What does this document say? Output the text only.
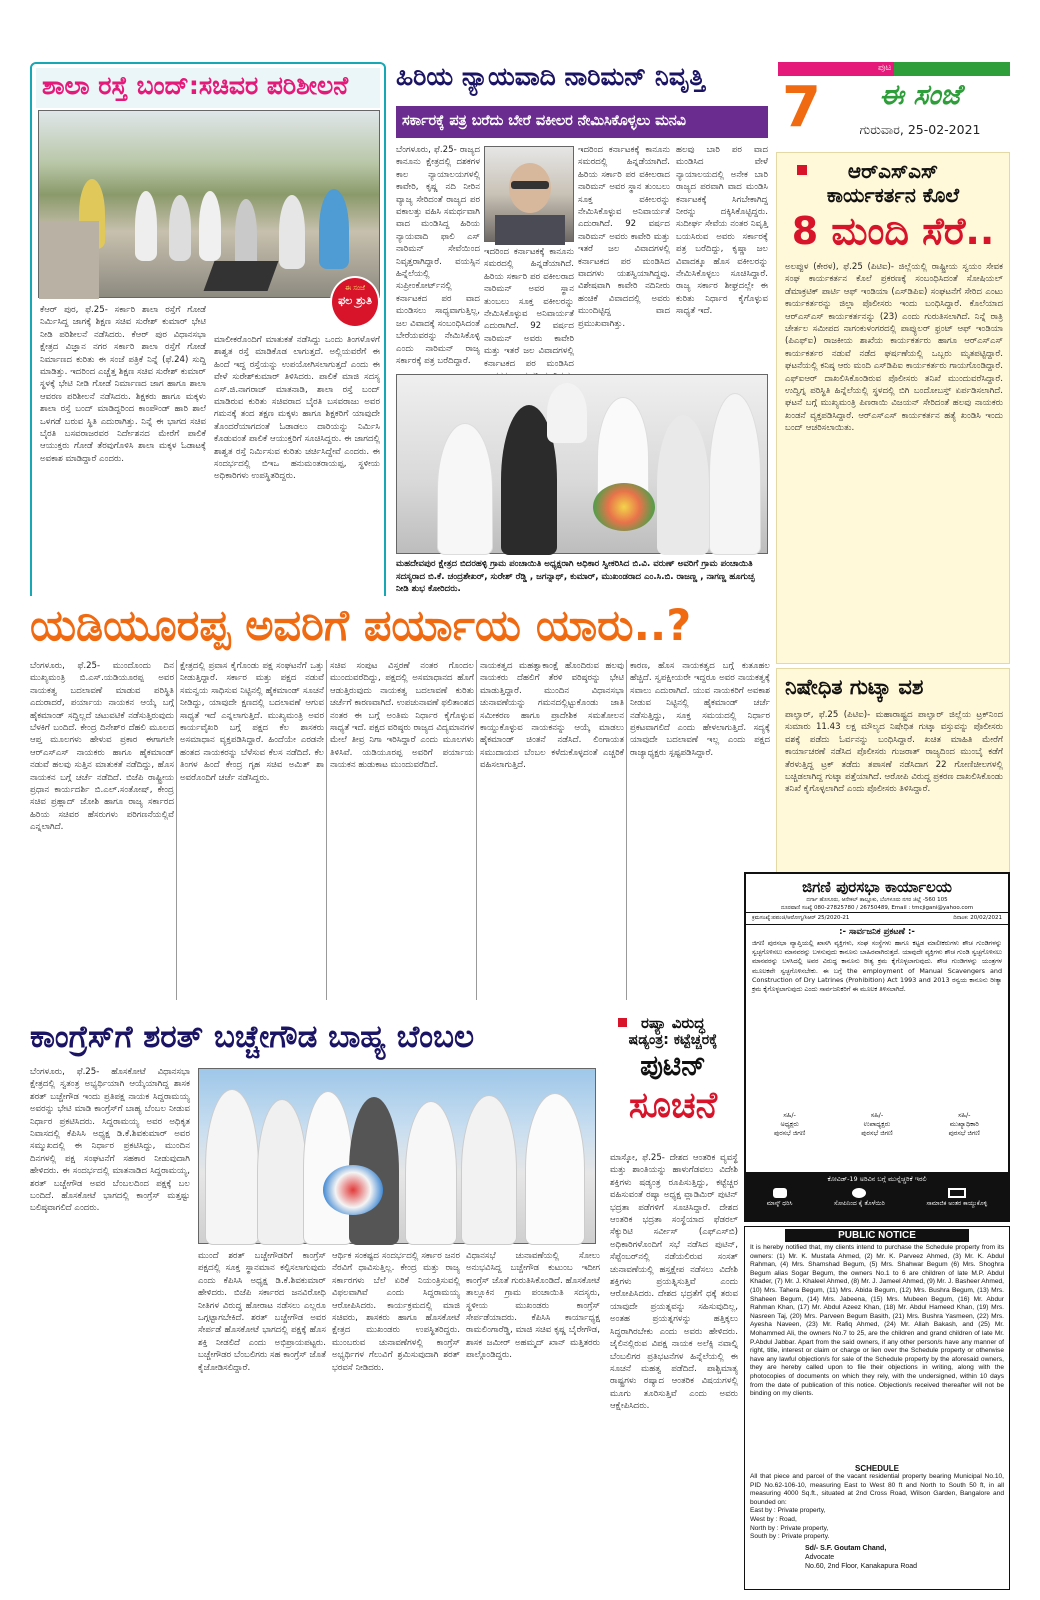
ಶಾಲಾ ರಸ್ತೆ ಬಂದ್:ಸಚಿವರ ಪರಿಶೀಲನೆ
ಈ ಸಂಜೆ
ಫಲ ಶ್ರುತಿ
ಕೆಆರ್ ಪುರ, ಫೆ.25- ಸರ್ಕಾರಿ ಶಾಲಾ ರಸ್ತೆಗೆ ಗೋಡೆ ನಿರ್ಮಿಸಿದ್ದ ಜಾಗಕ್ಕೆ ಶಿಕ್ಷಣ ಸಚಿವ ಸುರೇಶ್ ಕುಮಾರ್ ಭೇಟಿ ನೀಡಿ ಪರಿಶೀಲನೆ ನಡೆಸಿದರು. ಕೆಆರ್ ಪುರ ವಿಧಾನಸಭಾ ಕ್ಷೇತ್ರದ ವಿಜ್ಞಾನ ನಗರ ಸರ್ಕಾರಿ ಶಾಲಾ ರಸ್ತೆಗೆ ಗೋಡೆ ನಿರ್ಮಾಣದ ಕುರಿತು ಈ ಸಂಜೆ ಪತ್ರಿಕೆ ನಿನ್ನೆ (ಫೆ.24) ಸುದ್ದಿ ಮಾಡಿತ್ತು. ಇದರಿಂದ ಎಚ್ಚೆತ್ತ ಶಿಕ್ಷಣ ಸಚಿವ ಸುರೇಶ್ ಕುಮಾರ್ ಸ್ಥಳಕ್ಕೆ ಭೇಟಿ ನೀಡಿ ಗೋಡೆ ನಿರ್ಮಾಣದ ಜಾಗ ಹಾಗೂ ಶಾಲಾ ಆವರಣ ಪರಿಶೀಲನೆ ನಡೆಸಿದರು. ಶಿಕ್ಷಕರು ಹಾಗೂ ಮಕ್ಕಳು ಶಾಲಾ ರಸ್ತೆ ಬಂದ್ ಮಾಡಿದ್ದರಿಂದ ಕಾಂಪೌಂಡ್ ಹಾರಿ ಶಾಲೆ ಒಳಗಡೆ ಬರುವ ಸ್ಥಿತಿ ಎದುರಾಗಿತ್ತು. ನಿನ್ನೆ ಈ ಭಾಗದ ಸಚಿವ ಬೈರತಿ ಬಸವರಾಜರವರ ನಿರ್ದೇಶನದ ಮೇರೆಗೆ ಪಾಲಿಕೆ ಆಯುಕ್ತರು ಗೋಡೆ ತೆರವುಗೊಳಿಸಿ ಶಾಲಾ ಮಕ್ಕಳ ಓಡಾಟಕ್ಕೆ ಅವಕಾಶ ಮಾಡಿದ್ದಾರೆ ಎಂದರು.
ಮಾಲೀಕರೊಂದಿಗೆ ಮಾತುಕತೆ ನಡೆಸಿದ್ದು ಒಂದು ತಿಂಗಳೊಳಗೆ ಶಾಶ್ವತ ರಸ್ತೆ ಮಾಡಿಕೊಡ ಲಾಗುತ್ತದೆ. ಅಲ್ಲಿಯವರೆಗೆ ಈ ಹಿಂದೆ ಇದ್ದ ರಸ್ತೆಯನ್ನು ಉಪಯೋಗಿಸಲಾಗುತ್ತದೆ ಎಂದು ಈ ವೇಳೆ ಸುರೇಶ್‌ಕುಮಾರ್ ತಿಳಿಸಿದರು. ಪಾಲಿಕೆ ಮಾಜಿ ಸದಸ್ಯ ಎಸ್.ಜಿ.ನಾಗರಾಜ್ ಮಾತನಾಡಿ, ಶಾಲಾ ರಸ್ತೆ ಬಂದ್ ಮಾಡಿರುವ ಕುರಿತು ಸಚಿವರಾದ ಬೈರತಿ ಬಸವರಾಜು ಅವರ ಗಮನಕ್ಕೆ ತಂದ ತಕ್ಷಣ ಮಕ್ಕಳು ಹಾಗೂ ಶಿಕ್ಷಕರಿಗೆ ಯಾವುದೇ ತೊಂದರೆಯಾಗದಂತೆ ಓಡಾಡಲು ದಾರಿಯನ್ನು ನಿರ್ಮಿಸಿ ಕೊಡುವಂತೆ ಪಾಲಿಕೆ ಆಯುಕ್ತರಿಗೆ ಸೂಚಿಸಿದ್ದರು. ಈ ಜಾಗದಲ್ಲಿ ಶಾಶ್ವತ ರಸ್ತೆ ನಿರ್ಮಿಸುವ ಕುರಿತು ಚರ್ಚಿಸಿದ್ದೇವೆ ಎಂದರು. ಈ ಸಂದರ್ಭದಲ್ಲಿ ಬಿಇಒ ಹನುಮಂತರಾಯಪ್ಪ, ಸ್ಥಳೀಯ ಅಧಿಕಾರಿಗಳು ಉಪಸ್ಥಿತರಿದ್ದರು.
ಹಿರಿಯ ನ್ಯಾಯವಾದಿ ನಾರಿಮನ್ ನಿವೃತ್ತಿ
ಸರ್ಕಾರಕ್ಕೆ ಪತ್ರ ಬರೆದು ಬೇರೆ ವಕೀಲರ ನೇಮಿಸಿಕೊಳ್ಳಲು ಮನವಿ
ಬೆಂಗಳೂರು, ಫೆ.25- ರಾಜ್ಯದ ಕಾನೂನು ಕ್ಷೇತ್ರದಲ್ಲಿ ದಶಕಗಳ ಕಾಲ ನ್ಯಾಯಾಲಯಗಳಲ್ಲಿ ಕಾವೇರಿ, ಕೃಷ್ಣ ನದಿ ನೀರಿನ ವ್ಯಾಜ್ಯ ಸೇರಿದಂತೆ ರಾಜ್ಯದ ಪರ ವಕಾಲತ್ತು ವಹಿಸಿ ಸಮರ್ಥವಾಗಿ ವಾದ ಮಂಡಿಸಿದ್ದ ಹಿರಿಯ ನ್ಯಾಯವಾದಿ ಫಾಲಿ ಎಸ್ ನಾರಿಮನ್ ಸೇವೆಯಿಂದ ನಿವೃತ್ತರಾಗಿದ್ದಾರೆ. ವಯಸ್ಸಿನ ಹಿನ್ನೆಲೆಯಲ್ಲಿ ಸುಪ್ರೀಂಕೋರ್ಟ್‌ನಲ್ಲಿ ಕರ್ನಾಟಕದ ಪರ ವಾದ ಮಂಡಿಸಲು ಸಾಧ್ಯವಾಗುತ್ತಿಲ್ಲ, ಜಲ ವಿವಾದಕ್ಕೆ ಸಂಬಂಧಿಸಿದಂತೆ ಬೇರೆಯವರನ್ನು ನೇಮಿಸಿಕೊಳ್ಳಿ ಎಂದು ನಾರಿಮನ್ ರಾಜ್ಯ ಸರ್ಕಾರಕ್ಕೆ ಪತ್ರ ಬರೆದಿದ್ದಾರೆ.
ಇದರಿಂದ ಕರ್ನಾಟಕಕ್ಕೆ ಕಾನೂನು ಸಮರದಲ್ಲಿ ಹಿನ್ನಡೆಯಾಗಿದೆ. ಹಿರಿಯ ಸರ್ಕಾರಿ ಪರ ವಕೀಲರಾದ ನಾರಿಮನ್ ಅವರ ಸ್ಥಾನ ತುಂಬಲು ಸೂಕ್ತ ವಕೀಲರನ್ನು ನೇಮಿಸಿಕೊಳ್ಳುವ ಅನಿವಾರ್ಯತೆ ಎದುರಾಗಿದೆ. 92 ವರ್ಷದ ನಾರಿಮನ್ ಅವರು ಕಾವೇರಿ ಮತ್ತು ಇತರೆ ಜಲ ವಿವಾದಗಳಲ್ಲಿ ಕರ್ನಾಟಕದ ಪರ ಮಂಡಿಸಿದ
ಇದರಿಂದ ಕರ್ನಾಟಕಕ್ಕೆ ಕಾನೂನು ಸಮರದಲ್ಲಿ ಹಿನ್ನಡೆಯಾಗಿದೆ. ಹಿರಿಯ ಸರ್ಕಾರಿ ಪರ ವಕೀಲರಾದ ನಾರಿಮನ್ ಅವರ ಸ್ಥಾನ ತುಂಬಲು ಸೂಕ್ತ ವಕೀಲರನ್ನು ನೇಮಿಸಿಕೊಳ್ಳುವ ಅನಿವಾರ್ಯತೆ ಎದುರಾಗಿದೆ. 92 ವರ್ಷದ ನಾರಿಮನ್ ಅವರು ಕಾವೇರಿ ಮತ್ತು ಇತರೆ ಜಲ ವಿವಾದಗಳಲ್ಲಿ ಕರ್ನಾಟಕದ ಪರ ಮಂಡಿಸಿದ ವಾದಗಳು ಯಶಸ್ವಿಯಾಗಿದ್ದವು. ವಿಶೇಷವಾಗಿ ಕಾವೇರಿ ನದಿನೀರು ಹಂಚಿಕೆ ವಿವಾದದಲ್ಲಿ ಅವರು ಮುಂದಿಟ್ಟಿದ್ದ ವಾದ ಪ್ರಮುಖವಾಗಿತ್ತು.
ಹಲವು ಬಾರಿ ಪರ ವಾದ ಮಂಡಿಸಿದ ವೇಳೆ ನ್ಯಾಯಾಲಯದಲ್ಲಿ ಅನೇಕ ಬಾರಿ ರಾಜ್ಯದ ಪರವಾಗಿ ವಾದ ಮಂಡಿಸಿ ಕರ್ನಾಟಕಕ್ಕೆ ಸಿಗಬೇಕಾಗಿದ್ದ ನೀರನ್ನು ದಕ್ಕಿಸಿಕೊಟ್ಟಿದ್ದರು. ಸುದೀರ್ಘ ಸೇವೆಯ ನಂತರ ನಿವೃತ್ತಿ ಬಯಸಿರುವ ಅವರು ಸರ್ಕಾರಕ್ಕೆ ಪತ್ರ ಬರೆದಿದ್ದು, ಕೃಷ್ಣಾ ಜಲ ವಿವಾದಕ್ಕೂ ಹೊಸ ವಕೀಲರನ್ನು ನೇಮಿಸಿಕೊಳ್ಳಲು ಸೂಚಿಸಿದ್ದಾರೆ. ರಾಜ್ಯ ಸರ್ಕಾರ ಶೀಘ್ರದಲ್ಲೇ ಈ ಕುರಿತು ನಿರ್ಧಾರ ಕೈಗೊಳ್ಳುವ ಸಾಧ್ಯತೆ ಇದೆ.
ಮಹದೇವಪುರ ಕ್ಷೇತ್ರದ ಬಿದರಹಳ್ಳಿ ಗ್ರಾಮ ಪಂಚಾಯಿತಿ ಅಧ್ಯಕ್ಷರಾಗಿ ಅಧಿಕಾರ ಸ್ವೀಕರಿಸಿದ ಬಿ.ವಿ. ವರುಣ್ ಅವರಿಗೆ ಗ್ರಾಮ ಪಂಚಾಯಿತಿ ಸದಸ್ಯರಾದ ಬಿ.ಕೆ. ಚಂದ್ರಶೇಖರ್, ಸುರೇಶ್ ರೆಡ್ಡಿ , ಜಗನ್ನಾಥ್, ಕುಮಾರ್, ಮುಖಂಡರಾದ ಎಂ.ಸಿ.ಬಿ. ರಾಜಣ್ಣ , ನಾಗಣ್ಣ ಹೂಗುಚ್ಛ ನೀಡಿ ಶುಭ ಕೋರಿದರು.
ಪುಟ
7	ಈ ಸಂಜೆ
ಗುರುವಾರ, 25-02-2021
ಆರ್‌ಎಸ್‌ಎಸ್
ಕಾರ್ಯಕರ್ತನ ಕೊಲೆ
8 ಮಂದಿ ಸೆರೆ..
ಅಲಪ್ಪುಳ (ಕೇರಳ), ಫೆ.25 (ಪಿಟಿಐ)- ಜಿಲ್ಲೆಯಲ್ಲಿ ರಾಷ್ಟ್ರೀಯ ಸ್ವಯಂ ಸೇವಕ ಸಂಘ ಕಾರ್ಯಕರ್ತನ ಕೊಲೆ ಪ್ರಕರಣಕ್ಕೆ ಸಂಬಂಧಿಸಿದಂತೆ ಸೋಷಿಯಲ್ ಡೆಮಾಕ್ರಟಿಕ್ ಪಾರ್ಟಿ ಆಫ್ ಇಂಡಿಯಾ (ಎಸ್‌ಡಿಪಿಐ) ಸಂಘಟನೆಗೆ ಸೇರಿದ ಎಂಟು ಕಾರ್ಯಕರ್ತರನ್ನು ಜಿಲ್ಲಾ ಪೊಲೀಸರು ಇಂದು ಬಂಧಿಸಿದ್ದಾರೆ. ಕೊಲೆಯಾದ ಆರ್‌ಎಸ್‌ಎಸ್ ಕಾರ್ಯಕರ್ತನನ್ನು (23) ಎಂದು ಗುರುತಿಸಲಾಗಿದೆ. ನಿನ್ನೆ ರಾತ್ರಿ ಚೇರ್ತಲ ಸಮೀಪದ ನಾಗಂಕುಳಂಗರದಲ್ಲಿ ಪಾಪ್ಯುಲರ್ ಫ್ರಂಟ್ ಆಫ್ ಇಂಡಿಯಾ (ಪಿಎಫ್‌ಐ) ರಾಜಕೀಯ ಶಾಖೆಯ ಕಾರ್ಯಕರ್ತರು ಹಾಗೂ ಆರ್‌ಎಸ್‌ಎಸ್ ಕಾರ್ಯಕರ್ತರ ನಡುವೆ ನಡೆದ ಘರ್ಷಣೆಯಲ್ಲಿ ಒಬ್ಬರು ಮೃತಪಟ್ಟಿದ್ದಾರೆ. ಘಟನೆಯಲ್ಲಿ ಕನಿಷ್ಠ ಆರು ಮಂದಿ ಎಸ್‌ಡಿಪಿಐ ಕಾರ್ಯಕರ್ತರು ಗಾಯಗೊಂಡಿದ್ದಾರೆ. ಎಫ್‌ಐಆರ್ ದಾಖಲಿಸಿಕೊಂಡಿರುವ ಪೊಲೀಸರು ತನಿಖೆ ಮುಂದುವರೆಸಿದ್ದಾರೆ. ಉದ್ವಿಗ್ನ ಪರಿಸ್ಥಿತಿ ಹಿನ್ನೆಲೆಯಲ್ಲಿ ಸ್ಥಳದಲ್ಲಿ ಬಿಗಿ ಬಂದೋಬಸ್ತ್ ಏರ್ಪಡಿಸಲಾಗಿದೆ. ಘಟನೆ ಬಗ್ಗೆ ಮುಖ್ಯಮಂತ್ರಿ ಪಿಣರಾಯಿ ವಿಜಯನ್ ಸೇರಿದಂತೆ ಹಲವು ನಾಯಕರು ಖಂಡನೆ ವ್ಯಕ್ತಪಡಿಸಿದ್ದಾರೆ. ಆರ್‌ಎಸ್‌ಎಸ್ ಕಾರ್ಯಕರ್ತನ ಹತ್ಯೆ ಖಂಡಿಸಿ ಇಂದು ಬಂದ್ ಆಚರಿಸಲಾಯಿತು.
ನಿಷೇಧಿತ ಗುಟ್ಕಾ ವಶ
ಪಾಲ್ಘಾರ್, ಫೆ.25 (ಪಿಟಿಐ)- ಮಹಾರಾಷ್ಟ್ರದ ಪಾಲ್ಘಾರ್ ಜಿಲ್ಲೆಯ ಟ್ರಕ್‍ನಿಂದ ಸುಮಾರು 11.43 ಲಕ್ಷ ಮೌಲ್ಯದ ನಿಷೇಧಿತ ಗುಟ್ಕಾ ವಸ್ತುವನ್ನು ಪೊಲೀಸರು ವಶಕ್ಕೆ ಪಡೆದು ಓರ್ವನನ್ನು ಬಂಧಿಸಿದ್ದಾರೆ. ಖಚಿತ ಮಾಹಿತಿ ಮೇರೆಗೆ ಕಾರ್ಯಾಚರಣೆ ನಡೆಸಿದ ಪೊಲೀಸರು ಗುಜರಾತ್ ರಾಜ್ಯದಿಂದ ಮುಂಬೈ ಕಡೆಗೆ ತೆರಳುತ್ತಿದ್ದ ಟ್ರಕ್ ತಡೆದು ತಪಾಸಣೆ ನಡೆಸಿದಾಗ 22 ಗೋಣಿಚೀಲಗಳಲ್ಲಿ ಬಚ್ಚಿಡಲಾಗಿದ್ದ ಗುಟ್ಕಾ ಪತ್ತೆಯಾಗಿದೆ. ಆರೋಪಿ ವಿರುದ್ಧ ಪ್ರಕರಣ ದಾಖಲಿಸಿಕೊಂಡು ತನಿಖೆ ಕೈಗೊಳ್ಳಲಾಗಿದೆ ಎಂದು ಪೊಲೀಸರು ತಿಳಿಸಿದ್ದಾರೆ.
ಯಡಿಯೂರಪ್ಪ ಅವರಿಗೆ ಪರ್ಯಾಯ ಯಾರು..?
ಬೆಂಗಳೂರು, ಫೆ.25- ಮುಂದೊಂದು ದಿನ ಮುಖ್ಯಮಂತ್ರಿ ಬಿ.ಎಸ್.ಯಡಿಯೂರಪ್ಪ ಅವರ ನಾಯಕತ್ವ ಬದಲಾವಣೆ ಮಾಡುವ ಪರಿಸ್ಥಿತಿ ಎದುರಾದರೆ, ಪರ್ಯಾಯ ನಾಯಕನ ಆಯ್ಕೆ ಬಗ್ಗೆ ಹೈಕಮಾಂಡ್ ಸದ್ದಿಲ್ಲದೆ ಚಟುವಟಿಕೆ ನಡೆಸುತ್ತಿರುವುದು ಬೆಳಕಿಗೆ ಬಂದಿದೆ. ಕೇಂದ್ರ ದಿನೇಶ್‌ರ ದೆಹಲಿ ಮೂಲದ ಆಪ್ತ ಮೂಲಗಳು ಹೇಳುವ ಪ್ರಕಾರ ಈಗಾಗಲೇ ಆರ್‌ಎಸ್‌ಎಸ್ ನಾಯಕರು ಹಾಗೂ ಹೈಕಮಾಂಡ್ ನಡುವೆ ಹಲವು ಸುತ್ತಿನ ಮಾತುಕತೆ ನಡೆದಿದ್ದು, ಹೊಸ ನಾಯಕನ ಬಗ್ಗೆ ಚರ್ಚೆ ನಡೆದಿದೆ. ಬಿಜೆಪಿ ರಾಷ್ಟ್ರೀಯ ಪ್ರಧಾನ ಕಾರ್ಯದರ್ಶಿ ಬಿ.ಎಲ್.ಸಂತೋಷ್, ಕೇಂದ್ರ ಸಚಿವ ಪ್ರಹ್ಲಾದ್ ಜೋಶಿ ಹಾಗೂ ರಾಜ್ಯ ಸರ್ಕಾರದ ಹಿರಿಯ ಸಚಿವರ ಹೆಸರುಗಳು ಪರಿಗಣನೆಯಲ್ಲಿವೆ ಎನ್ನಲಾಗಿದೆ.
ಕ್ಷೇತ್ರದಲ್ಲಿ ಪ್ರವಾಸ ಕೈಗೊಂಡು ಪಕ್ಷ ಸಂಘಟನೆಗೆ ಒತ್ತು ನೀಡುತ್ತಿದ್ದಾರೆ. ಸರ್ಕಾರ ಮತ್ತು ಪಕ್ಷದ ನಡುವೆ ಸಮನ್ವಯ ಸಾಧಿಸುವ ನಿಟ್ಟಿನಲ್ಲಿ ಹೈಕಮಾಂಡ್ ಸೂಚನೆ ನೀಡಿದ್ದು, ಯಾವುದೇ ಕ್ಷಣದಲ್ಲಿ ಬದಲಾವಣೆ ಆಗುವ ಸಾಧ್ಯತೆ ಇದೆ ಎನ್ನಲಾಗುತ್ತಿದೆ. ಮುಖ್ಯಮಂತ್ರಿ ಅವರ ಕಾರ್ಯವೈಖರಿ ಬಗ್ಗೆ ಪಕ್ಷದ ಕೆಲ ಶಾಸಕರು ಅಸಮಾಧಾನ ವ್ಯಕ್ತಪಡಿಸಿದ್ದಾರೆ. ಹಿಂದೆಯೇ ಎರಡನೇ ಹಂತದ ನಾಯಕರನ್ನು ಬೆಳೆಸುವ ಕೆಲಸ ನಡೆದಿದೆ. ಕೆಲ ತಿಂಗಳ ಹಿಂದೆ ಕೇಂದ್ರ ಗೃಹ ಸಚಿವ ಅಮಿತ್ ಶಾ ಅವರೊಂದಿಗೆ ಚರ್ಚೆ ನಡೆಸಿದ್ದರು.
ಸಚಿವ ಸಂಪುಟ ವಿಸ್ತರಣೆ ನಂತರ ಗೊಂದಲ ಮುಂದುವರೆದಿದ್ದು, ಪಕ್ಷದಲ್ಲಿ ಅಸಮಾಧಾನದ ಹೊಗೆ ಆಡುತ್ತಿರುವುದು ನಾಯಕತ್ವ ಬದಲಾವಣೆ ಕುರಿತು ಚರ್ಚೆಗೆ ಕಾರಣವಾಗಿದೆ. ಉಪಚುನಾವಣೆ ಫಲಿತಾಂಶದ ನಂತರ ಈ ಬಗ್ಗೆ ಅಂತಿಮ ನಿರ್ಧಾರ ಕೈಗೊಳ್ಳುವ ಸಾಧ್ಯತೆ ಇದೆ. ಪಕ್ಷದ ವರಿಷ್ಠರು ರಾಜ್ಯದ ವಿದ್ಯಮಾನಗಳ ಮೇಲೆ ತೀವ್ರ ನಿಗಾ ಇರಿಸಿದ್ದಾರೆ ಎಂದು ಮೂಲಗಳು ತಿಳಿಸಿವೆ. ಯಡಿಯೂರಪ್ಪ ಅವರಿಗೆ ಪರ್ಯಾಯ ನಾಯಕನ ಹುಡುಕಾಟ ಮುಂದುವರೆದಿದೆ.
ನಾಯಕತ್ವದ ಮಹತ್ವಾಕಾಂಕ್ಷೆ ಹೊಂದಿರುವ ಹಲವು ನಾಯಕರು ದೆಹಲಿಗೆ ತೆರಳಿ ವರಿಷ್ಠರನ್ನು ಭೇಟಿ ಮಾಡುತ್ತಿದ್ದಾರೆ. ಮುಂದಿನ ವಿಧಾನಸಭಾ ಚುನಾವಣೆಯನ್ನು ಗಮನದಲ್ಲಿಟ್ಟುಕೊಂಡು ಜಾತಿ ಸಮೀಕರಣ ಹಾಗೂ ಪ್ರಾದೇಶಿಕ ಸಮತೋಲನ ಕಾಯ್ದುಕೊಳ್ಳುವ ನಾಯಕನನ್ನು ಆಯ್ಕೆ ಮಾಡಲು ಹೈಕಮಾಂಡ್ ಚಿಂತನೆ ನಡೆಸಿದೆ. ಲಿಂಗಾಯತ ಸಮುದಾಯದ ಬೆಂಬಲ ಕಳೆದುಕೊಳ್ಳದಂತೆ ಎಚ್ಚರಿಕೆ ವಹಿಸಲಾಗುತ್ತಿದೆ.
ಕಾರಣ, ಹೊಸ ನಾಯಕತ್ವದ ಬಗ್ಗೆ ಕುತೂಹಲ ಹೆಚ್ಚಿದೆ. ಸ್ವಪಕ್ಷೀಯರೇ ಇದ್ದರೂ ಅವರ ನಾಯಕತ್ವಕ್ಕೆ ಸವಾಲು ಎದುರಾಗಿದೆ. ಯುವ ನಾಯಕರಿಗೆ ಅವಕಾಶ ನೀಡುವ ನಿಟ್ಟಿನಲ್ಲಿ ಹೈಕಮಾಂಡ್ ಚರ್ಚೆ ನಡೆಸುತ್ತಿದ್ದು, ಸೂಕ್ತ ಸಮಯದಲ್ಲಿ ನಿರ್ಧಾರ ಪ್ರಕಟವಾಗಲಿದೆ ಎಂದು ಹೇಳಲಾಗುತ್ತಿದೆ. ಸದ್ಯಕ್ಕೆ ಯಾವುದೇ ಬದಲಾವಣೆ ಇಲ್ಲ ಎಂದು ಪಕ್ಷದ ರಾಜ್ಯಾಧ್ಯಕ್ಷರು ಸ್ಪಷ್ಟಪಡಿಸಿದ್ದಾರೆ.
ಕಾಂಗ್ರೆಸ್‌ಗೆ ಶರತ್ ಬಚ್ಚೇಗೌಡ ಬಾಹ್ಯ ಬೆಂಬಲ
ಬೆಂಗಳೂರು, ಫೆ.25- ಹೊಸಕೋಟೆ ವಿಧಾನಸಭಾ ಕ್ಷೇತ್ರದಲ್ಲಿ ಸ್ವತಂತ್ರ ಅಭ್ಯರ್ಥಿಯಾಗಿ ಆಯ್ಕೆಯಾಗಿದ್ದ ಶಾಸಕ ಶರತ್ ಬಚ್ಚೇಗೌಡ ಇಂದು ಪ್ರತಿಪಕ್ಷ ನಾಯಕ ಸಿದ್ದರಾಮಯ್ಯ ಅವರನ್ನು ಭೇಟಿ ಮಾಡಿ ಕಾಂಗ್ರೆಸ್‌ಗೆ ಬಾಹ್ಯ ಬೆಂಬಲ ನೀಡುವ ನಿರ್ಧಾರ ಪ್ರಕಟಿಸಿದರು. ಸಿದ್ದರಾಮಯ್ಯ ಅವರ ಅಧಿಕೃತ ನಿವಾಸದಲ್ಲಿ ಕೆಪಿಸಿಸಿ ಅಧ್ಯಕ್ಷ ಡಿ.ಕೆ.ಶಿವಕುಮಾರ್ ಅವರ ಸಮ್ಮುಖದಲ್ಲಿ ಈ ನಿರ್ಧಾರ ಪ್ರಕಟಿಸಿದ್ದು, ಮುಂದಿನ ದಿನಗಳಲ್ಲಿ ಪಕ್ಷ ಸಂಘಟನೆಗೆ ಸಹಕಾರ ನೀಡುವುದಾಗಿ ಹೇಳಿದರು. ಈ ಸಂದರ್ಭದಲ್ಲಿ ಮಾತನಾಡಿದ ಸಿದ್ದರಾಮಯ್ಯ, ಶರತ್ ಬಚ್ಚೇಗೌಡ ಅವರ ಬೆಂಬಲದಿಂದ ಪಕ್ಷಕ್ಕೆ ಬಲ ಬಂದಿದೆ. ಹೊಸಕೋಟೆ ಭಾಗದಲ್ಲಿ ಕಾಂಗ್ರೆಸ್ ಮತ್ತಷ್ಟು ಬಲಿಷ್ಠವಾಗಲಿದೆ ಎಂದರು.
ಮುಂದೆ ಶರತ್ ಬಚ್ಚೇಗೌಡರಿಗೆ ಕಾಂಗ್ರೆಸ್ ಪಕ್ಷದಲ್ಲಿ ಸೂಕ್ತ ಸ್ಥಾನಮಾನ ಕಲ್ಪಿಸಲಾಗುವುದು ಎಂದು ಕೆಪಿಸಿಸಿ ಅಧ್ಯಕ್ಷ ಡಿ.ಕೆ.ಶಿವಕುಮಾರ್ ಹೇಳಿದರು. ಬಿಜೆಪಿ ಸರ್ಕಾರದ ಜನವಿರೋಧಿ ನೀತಿಗಳ ವಿರುದ್ಧ ಹೋರಾಟ ನಡೆಸಲು ಎಲ್ಲರೂ ಒಗ್ಗಟ್ಟಾಗಬೇಕಿದೆ. ಶರತ್ ಬಚ್ಚೇಗೌಡ ಅವರ ಸೇರ್ಪಡೆ ಹೊಸಕೋಟೆ ಭಾಗದಲ್ಲಿ ಪಕ್ಷಕ್ಕೆ ಹೊಸ ಶಕ್ತಿ ನೀಡಲಿದೆ ಎಂದು ಅಭಿಪ್ರಾಯಪಟ್ಟರು. ಬಚ್ಚೇಗೌಡರ ಬೆಂಬಲಿಗರು ಸಹ ಕಾಂಗ್ರೆಸ್ ಜೊತೆ ಕೈಜೋಡಿಸಲಿದ್ದಾರೆ.
ಆರ್ಥಿಕ ಸಂಕಷ್ಟದ ಸಂದರ್ಭದಲ್ಲಿ ಸರ್ಕಾರ ಜನರ ನೆರವಿಗೆ ಧಾವಿಸುತ್ತಿಲ್ಲ. ಕೇಂದ್ರ ಮತ್ತು ರಾಜ್ಯ ಸರ್ಕಾರಗಳು ಬೆಲೆ ಏರಿಕೆ ನಿಯಂತ್ರಿಸುವಲ್ಲಿ ವಿಫಲವಾಗಿವೆ ಎಂದು ಸಿದ್ದರಾಮಯ್ಯ ಆರೋಪಿಸಿದರು. ಕಾರ್ಯಕ್ರಮದಲ್ಲಿ ಮಾಜಿ ಸಚಿವರು, ಶಾಸಕರು ಹಾಗೂ ಹೊಸಕೋಟೆ ಕ್ಷೇತ್ರದ ಮುಖಂಡರು ಉಪಸ್ಥಿತರಿದ್ದರು. ಮುಂಬರುವ ಚುನಾವಣೆಗಳಲ್ಲಿ ಕಾಂಗ್ರೆಸ್ ಅಭ್ಯರ್ಥಿಗಳ ಗೆಲುವಿಗೆ ಶ್ರಮಿಸುವುದಾಗಿ ಶರತ್ ಭರವಸೆ ನೀಡಿದರು.
ವಿಧಾನಸಭೆ ಚುನಾವಣೆಯಲ್ಲಿ ಸೋಲು ಅನುಭವಿಸಿದ್ದ ಬಚ್ಚೇಗೌಡ ಕುಟುಂಬ ಇದೀಗ ಕಾಂಗ್ರೆಸ್ ಜೊತೆ ಗುರುತಿಸಿಕೊಂಡಿದೆ. ಹೊಸಕೋಟೆ ತಾಲ್ಲೂಕಿನ ಗ್ರಾಮ ಪಂಚಾಯಿತಿ ಸದಸ್ಯರು, ಸ್ಥಳೀಯ ಮುಖಂಡರು ಕಾಂಗ್ರೆಸ್ ಸೇರ್ಪಡೆಯಾದರು. ಕೆಪಿಸಿಸಿ ಕಾರ್ಯಾಧ್ಯಕ್ಷ ರಾಮಲಿಂಗಾರೆಡ್ಡಿ, ಮಾಜಿ ಸಚಿವ ಕೃಷ್ಣ ಬೈರೇಗೌಡ, ಶಾಸಕ ಜಮೀರ್ ಅಹಮ್ಮದ್ ಖಾನ್ ಮತ್ತಿತರರು ಪಾಲ್ಗೊಂಡಿದ್ದರು.
ರಷ್ಯಾ ವಿರುದ್ಧ
ಷಡ್ಯಂತ್ರ: ಕಟ್ಟೆಚ್ಚರಕ್ಕೆ
ಪುಟಿನ್
ಸೂಚನೆ
ಮಾಸ್ಕೋ, ಫೆ.25- ದೇಶದ ಆಂತರಿಕ ವ್ಯವಸ್ಥೆ ಮತ್ತು ಶಾಂತಿಯನ್ನು ಹಾಳುಗೆಡವಲು ವಿದೇಶಿ ಶಕ್ತಿಗಳು ಷಡ್ಯಂತ್ರ ರೂಪಿಸುತ್ತಿದ್ದು, ಕಟ್ಟೆಚ್ಚರ ವಹಿಸುವಂತೆ ರಷ್ಯಾ ಅಧ್ಯಕ್ಷ ವ್ಲಾಡಿಮಿರ್ ಪುಟಿನ್ ಭದ್ರತಾ ಪಡೆಗಳಿಗೆ ಸೂಚಿಸಿದ್ದಾರೆ. ದೇಶದ ಆಂತರಿಕ ಭದ್ರತಾ ಸಂಸ್ಥೆಯಾದ ಫೆಡರಲ್ ಸೆಕ್ಯುರಿಟಿ ಸರ್ವೀಸ್ (ಎಫ್‌ಎಸ್‌ಬಿ) ಅಧಿಕಾರಿಗಳೊಂದಿಗೆ ಸಭೆ ನಡೆಸಿದ ಪುಟಿನ್, ಸೆಪ್ಟೆಂಬರ್‌ನಲ್ಲಿ ನಡೆಯಲಿರುವ ಸಂಸತ್ ಚುನಾವಣೆಯಲ್ಲಿ ಹಸ್ತಕ್ಷೇಪ ನಡೆಸಲು ವಿದೇಶಿ ಶಕ್ತಿಗಳು ಪ್ರಯತ್ನಿಸುತ್ತಿವೆ ಎಂದು ಆರೋಪಿಸಿದರು. ದೇಶದ ಭದ್ರತೆಗೆ ಧಕ್ಕೆ ತರುವ ಯಾವುದೇ ಪ್ರಯತ್ನವನ್ನು ಸಹಿಸುವುದಿಲ್ಲ, ಅಂತಹ ಪ್ರಯತ್ನಗಳನ್ನು ಹತ್ತಿಕ್ಕಲು ಸಿದ್ಧರಾಗಿರಬೇಕು ಎಂದು ಅವರು ಹೇಳಿದರು. ಜೈಲಿನಲ್ಲಿರುವ ವಿಪಕ್ಷ ನಾಯಕ ಅಲೆಕ್ಸಿ ನವಾಲ್ನಿ ಬೆಂಬಲಿಗರ ಪ್ರತಿಭಟನೆಗಳ ಹಿನ್ನೆಲೆಯಲ್ಲಿ ಈ ಸೂಚನೆ ಮಹತ್ವ ಪಡೆದಿದೆ. ಪಾಶ್ಚಿಮಾತ್ಯ ರಾಷ್ಟ್ರಗಳು ರಷ್ಯಾದ ಆಂತರಿಕ ವಿಷಯಗಳಲ್ಲಿ ಮೂಗು ತೂರಿಸುತ್ತಿವೆ ಎಂದು ಅವರು ಆಕ್ಷೇಪಿಸಿದರು.
ಜಿಗಣಿ ಪುರಸಭಾ ಕಾರ್ಯಾಲಯ
ದರ್ಗಾ ಹೊಸೂರು, ಆನೇಕಲ್ ತಾಲ್ಲೂಕು, ಬೆಂಗಳೂರು ನಗರ ಜಿಲ್ಲೆ -560 105
ದೂರವಾಣಿ ಸಂಖ್ಯೆ 080-27825780 / 26750489, Email : tmcjigani@yahoo.com
ಕ್ರಮಸಂಖ್ಯೆ:ಪಪಂಜಿ/ಆರೋಗ್ಯ/ಸಿಆರ್ 25/2020-21	ದಿನಾಂಕ: 20/02/2021
:- ಸಾರ್ವಜನಿಕ ಪ್ರಕಟಣೆ :-
ಜಿಗಣಿ ಪುರಸಭಾ ವ್ಯಾಪ್ತಿಯಲ್ಲಿ ಖಾಸಗಿ ವ್ಯಕ್ತಿಗಳು, ಸಂಘ ಸಂಸ್ಥೆಗಳು ಹಾಗೂ ಕಟ್ಟಡ ಮಾಲೀಕರುಗಳು ಶೌಚ ಗುಂಡಿಗಳನ್ನು ಸ್ವಚ್ಛಗೊಳಿಸಲು ಮಾನವರನ್ನು ಬಳಸುವುದು ಕಾನೂನು ಬಾಹಿರವಾಗಿರುತ್ತದೆ. ಯಾವುದೇ ವ್ಯಕ್ತಿಗಳು ಶೌಚ ಗುಂಡಿ ಸ್ವಚ್ಛಗೊಳಿಸಲು ಮಾನವರನ್ನು ಬಳಸಿದಲ್ಲಿ ಅವರ ವಿರುದ್ಧ ಕಾನೂನು ರೀತ್ಯ ಕ್ರಮ ಕೈಗೊಳ್ಳಲಾಗುವುದು. ಶೌಚ ಗುಂಡಿಗಳನ್ನು ಯಂತ್ರಗಳ ಮೂಲಕವೇ ಸ್ವಚ್ಛಗೊಳಿಸಬೇಕು. ಈ ಬಗ್ಗೆ the employment of Manual Scavengers and Construction of Dry Latrines (Prohibition) Act 1993 and 2013 ರನ್ವಯ ಕಾನೂನು ರೀತ್ಯಾ ಕ್ರಮ ಕೈಗೊಳ್ಳಲಾಗುವುದು ಎಂದು ಸಾರ್ವಜನಿಕರಿಗೆ ಈ ಮೂಲಕ ತಿಳಿಸಲಾಗಿದೆ.
ಸಹಿ/-
ಅಧ್ಯಕ್ಷರು
ಪುರಸಭೆ ಜಿಗಣಿ
ಸಹಿ/-
ಉಪಾಧ್ಯಕ್ಷರು
ಪುರಸಭೆ ಜಿಗಣಿ
ಸಹಿ/-
ಮುಖ್ಯಾಧಿಕಾರಿ
ಪುರಸಭೆ ಜಿಗಣಿ
ಕೋವಿಡ್-19 ಅರಿವಿನ ಬಗ್ಗೆ ಮುನ್ನೆಚ್ಚರಿಕೆ ಇರಲಿ
ಮಾಸ್ಕ್ ಧರಿಸಿ	ಸೋಪಿನಿಂದ ಕೈ ತೊಳೆಯಿರಿ	ಸಾಮಾಜಿಕ ಅಂತರ ಕಾಯ್ದುಕೊಳ್ಳಿ
PUBLIC NOTICE
It is hereby notified that, my clients intend to purchase the Schedule property from its owners: (1) Mr. K. Mustafa Ahmed, (2) Mr. K. Parveez Ahmed, (3) Mr. K. Abdul Rahman, (4) Mrs. Shamshad Begum, (5) Mrs. Shahwar Begum (6) Mrs. Shoghra Begum alias Sogar Begum, the owners No.1 to 6 are children of late M.P. Abdul Khader, (7) Mr. J. Khaleel Ahmed, (8) Mr. J. Jameel Ahmed, (9) Mr. J. Basheer Ahmed, (10) Mrs. Tahera Begum, (11) Mrs. Abida Begum, (12) Mrs. Bushra Begum, (13) Mrs. Shaheen Begum, (14) Mrs. Jabeena, (15) Mrs. Mubeen Begum, (16) Mr. Abdur Rahman Khan, (17) Mr. Abdul Azeez Khan, (18) Mr. Abdul Hameed Khan, (19) Mrs. Nasreen Taj, (20) Mrs. Parveen Begum Basith, (21) Mrs. Bushra Yasmeen, (22) Mrs. Ayesha Naveen, (23) Mr. Rafiq Ahmed, (24) Mr. Allah Bakash, and (25) Mr. Mohammed Ali, the owners No.7 to 25, are the children and grand children of late Mr. P.Abdul Jabbar. Apart from the said owners, if any other person/s have any manner of right, title, interest or claim or charge or lien over the Schedule property or otherwise have any lawful objection/s for sale of the Schedule property by the aforesaid owners, they are hereby called upon to file their objections in writing, along with the photocopies of documents on which they rely, with the undersigned, within 10 days from the date of publication of this notice. Objection/s received thereafter will not be binding on my clients.
SCHEDULE
All that piece and parcel of the vacant residential property bearing Municipal No.10, PID No.62-106-10, measuring East to West 80 ft and North to South 50 ft, in all measuring 4000 Sq.ft., situated at 2nd Cross Road, Wilson Garden, Bangalore and bounded on:
East by : Private property,
West by : Road,
North by : Private property,
South by : Private property.
Sd/- S.F. Goutam Chand,
Advocate
No.60, 2nd Floor, Kanakapura Road
